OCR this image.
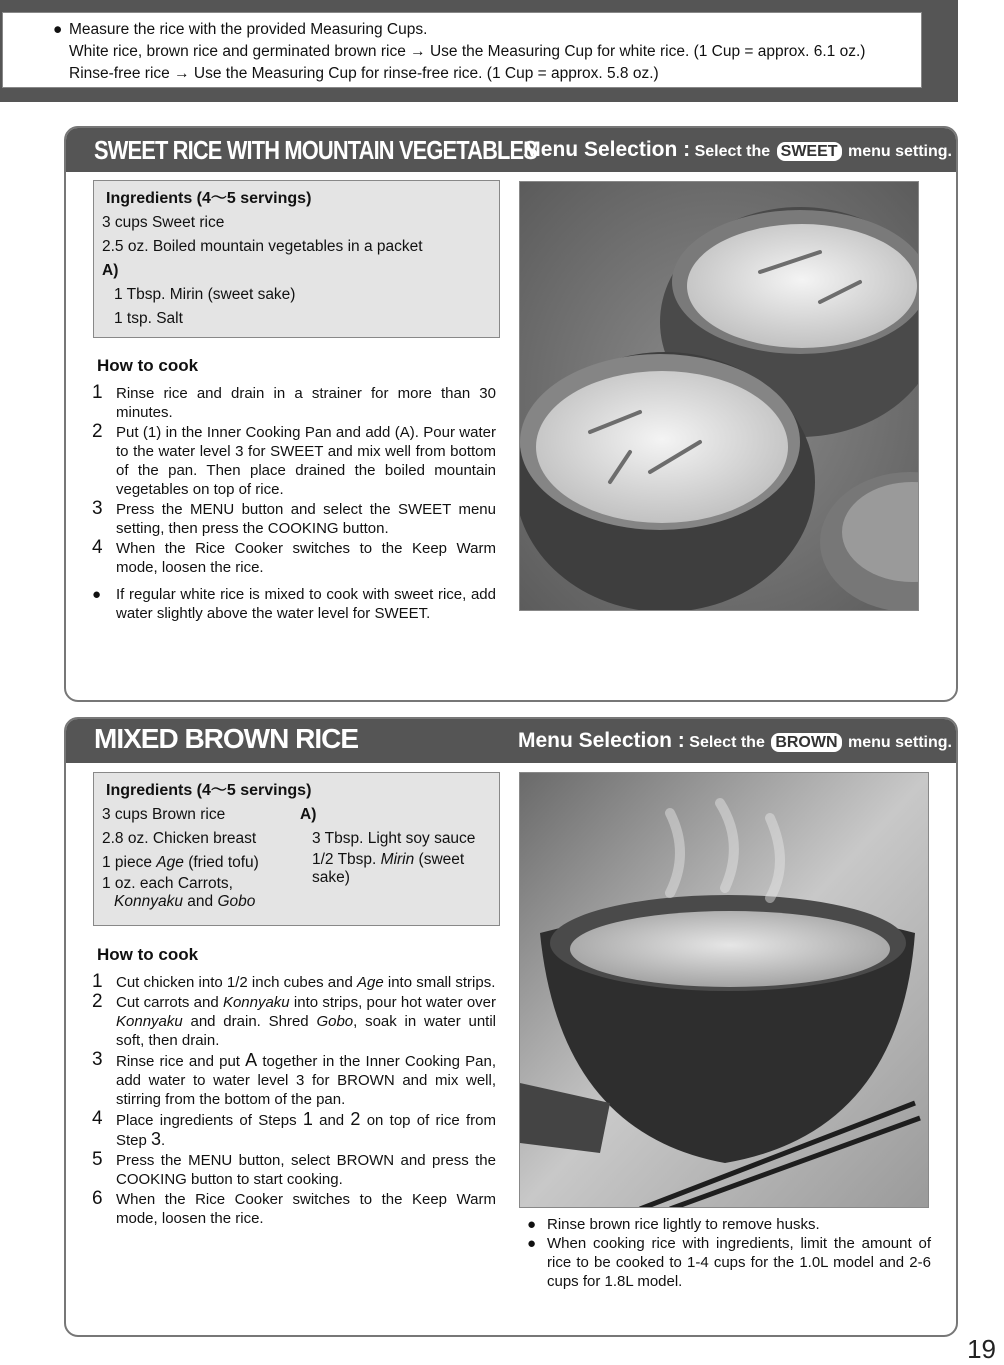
● Measure the rice with the provided Measuring Cups.
White rice, brown rice and germinated brown rice → Use the Measuring Cup for white rice. (1 Cup = approx. 6.1 oz.)
Rinse-free rice → Use the Measuring Cup for rinse-free rice. (1 Cup = approx. 5.8 oz.)
SWEET RICE WITH MOUNTAIN VEGETABLES
Menu Selection : Select the SWEET menu setting.
Ingredients (4～5 servings)
3 cups Sweet rice
2.5 oz. Boiled mountain vegetables in a packet
A)
1 Tbsp. Mirin (sweet sake)
1 tsp. Salt
How to cook
1 Rinse rice and drain in a strainer for more than 30 minutes.
2 Put (1) in the Inner Cooking Pan and add (A). Pour water to the water level 3 for SWEET and mix well from bottom of the pan. Then place drained the boiled mountain vegetables on top of rice.
3 Press the MENU button and select the SWEET menu setting, then press the COOKING button.
4 When the Rice Cooker switches to the Keep Warm mode, loosen the rice.
● If regular white rice is mixed to cook with sweet rice, add water slightly above the water level for SWEET.
MIXED BROWN RICE	Menu Selection : Select the BROWN menu setting.
Ingredients (4～5 servings)
3 cups Brown rice
2.8 oz. Chicken breast
1 piece Age (fried tofu)
1 oz. each Carrots,
Konnyaku and Gobo
A)
3 Tbsp. Light soy sauce
1/2 Tbsp. Mirin (sweet sake)
How to cook
1 Cut chicken into 1/2 inch cubes and Age into small strips.
2 Cut carrots and Konnyaku into strips, pour hot water over Konnyaku and drain. Shred Gobo, soak in water until soft, then drain.
3 Rinse rice and put A together in the Inner Cooking Pan, add water to water level 3 for BROWN and mix well, stirring from the bottom of the pan.
4 Place ingredients of Steps 1 and 2 on top of rice from Step 3.
5 Press the MENU button, select BROWN and press the COOKING button to start cooking.
6 When the Rice Cooker switches to the Keep Warm mode, loosen the rice.	● Rinse brown rice lightly to remove husks.
● When cooking rice with ingredients, limit the amount of rice to be cooked to 1-4 cups for the 1.0L model and 2-6 cups for 1.8L model.
19
